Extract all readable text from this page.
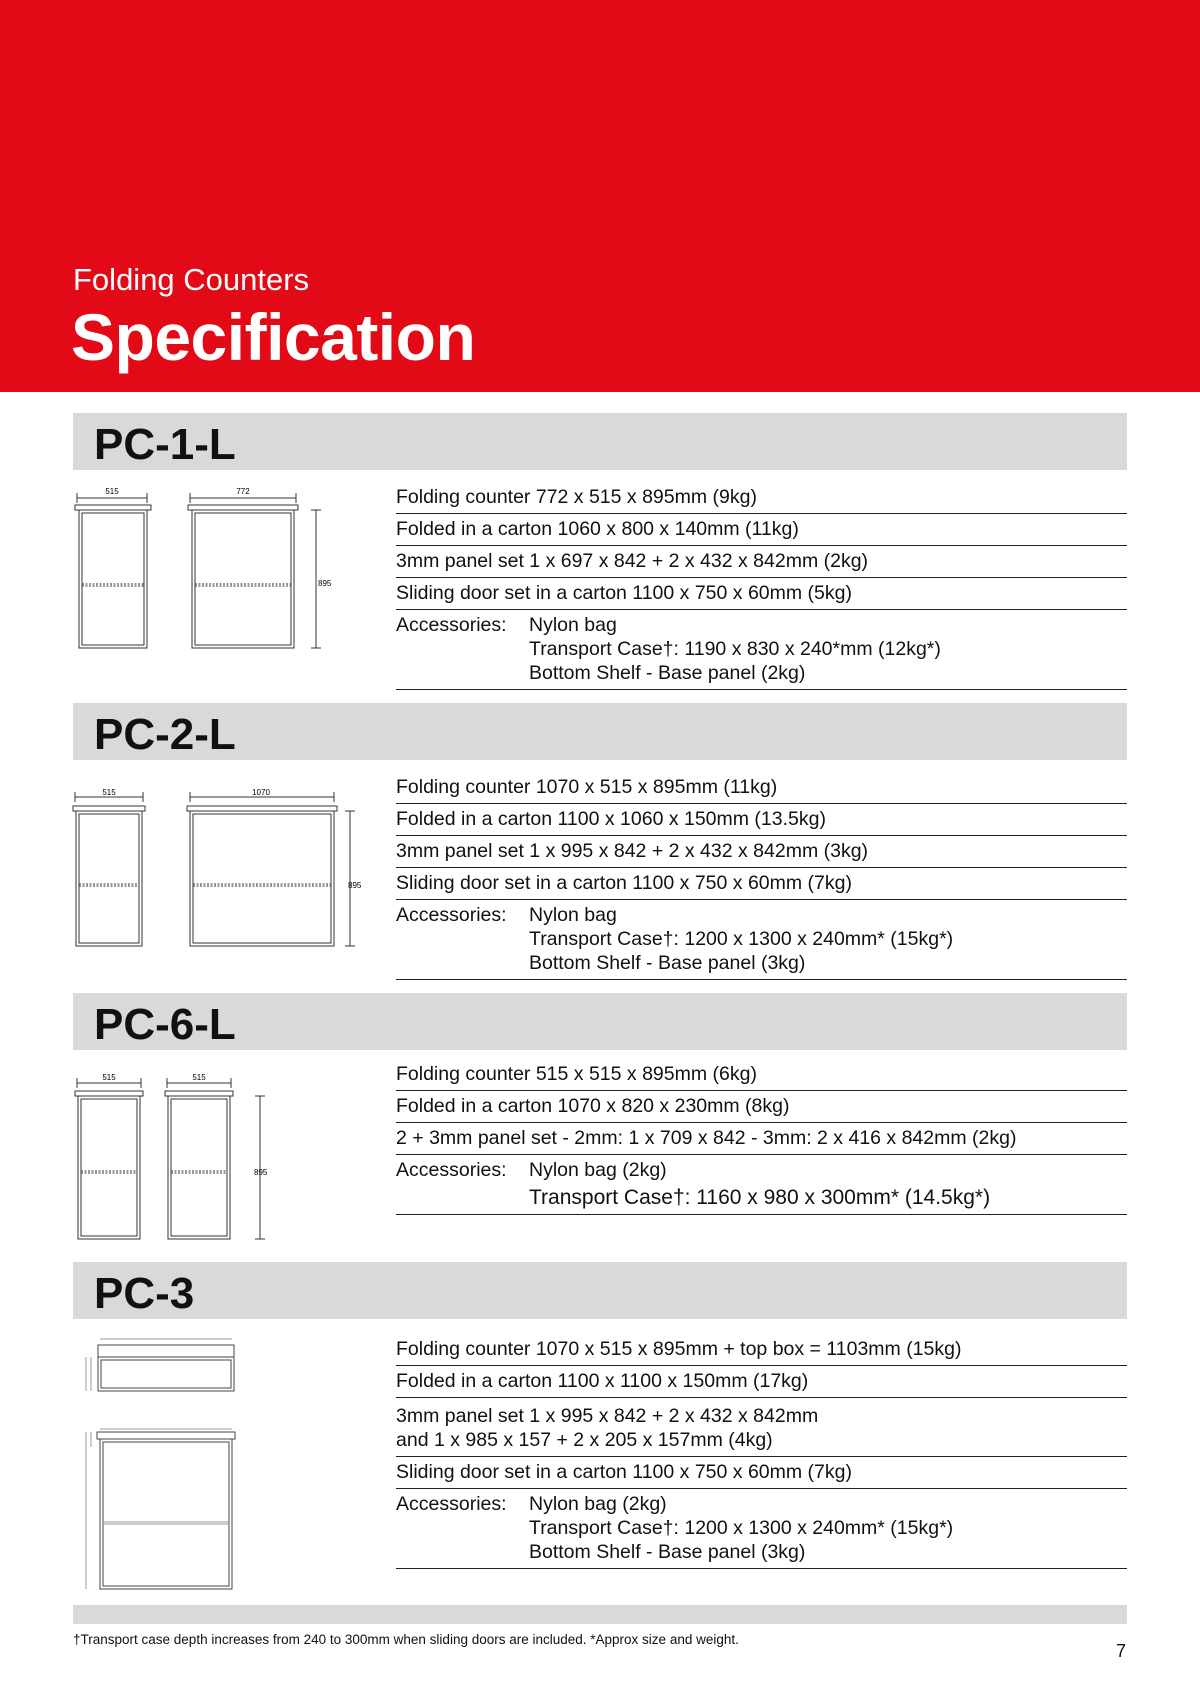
Folding Counters
Specification
PC-1-L
515	772
895
Folding counter 772 x 515 x 895mm (9kg)
Folded in a carton 1060 x 800 x 140mm (11kg)
3mm panel set 1 x 697 x 842 + 2 x 432 x 842mm (2kg)
Sliding door set in a carton 1100 x 750 x 60mm (5kg)
Accessories:	Nylon bag
Transport Case†: 1190 x 830 x 240*mm (12kg*)
Bottom Shelf - Base panel (2kg)
PC-2-L
515	1070
895
Folding counter 1070 x 515 x 895mm (11kg)
Folded in a carton 1100 x 1060 x 150mm (13.5kg)
3mm panel set 1 x 995 x 842 + 2 x 432 x 842mm (3kg)
Sliding door set in a carton 1100 x 750 x 60mm (7kg)
Accessories:	Nylon bag
Transport Case†: 1200 x 1300 x 240mm* (15kg*)
Bottom Shelf - Base panel (3kg)
PC-6-L
515	515
895
Folding counter 515 x 515 x 895mm (6kg)
Folded in a carton 1070 x 820 x 230mm (8kg)
2 + 3mm panel set - 2mm: 1 x 709 x 842 - 3mm: 2 x 416 x 842mm (2kg)
Accessories:	Nylon bag (2kg)
Transport Case†: 1160 x 980 x 300mm* (14.5kg*)
PC-3
Folding counter 1070 x 515 x 895mm + top box = 1103mm (15kg)
Folded in a carton 1100 x 1100 x 150mm (17kg)
3mm panel set 1 x 995 x 842 + 2 x 432 x 842mm
and 1 x 985 x 157 + 2 x 205 x 157mm (4kg)
Sliding door set in a carton 1100 x 750 x 60mm (7kg)
Accessories:	Nylon bag (2kg)
Transport Case†: 1200 x 1300 x 240mm* (15kg*)
Bottom Shelf - Base panel (3kg)
†Transport case depth increases from 240 to 300mm when sliding doors are included. *Approx size and weight.
7
